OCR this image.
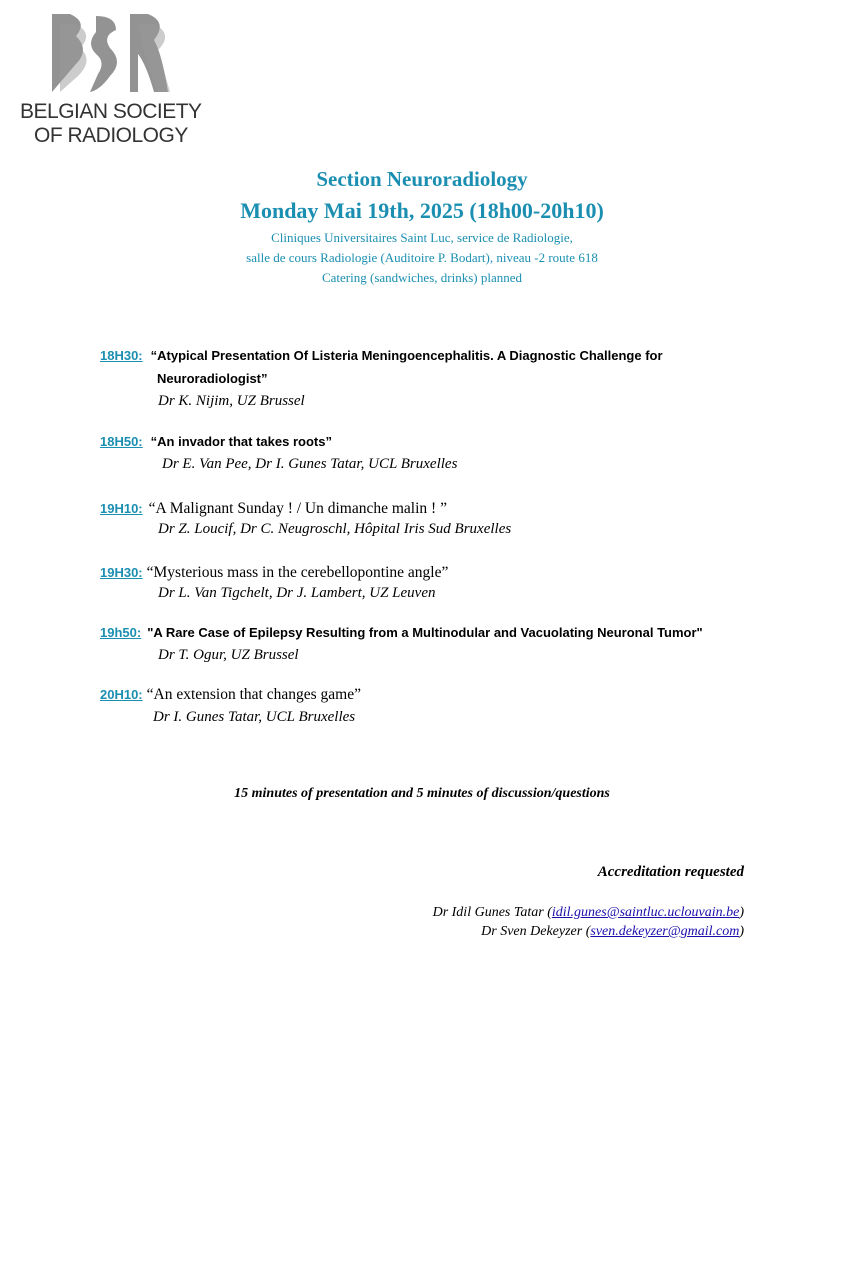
BELGIAN SOCIETY
OF RADIOLOGY
Section Neuroradiology
Monday Mai 19th, 2025 (18h00-20h10)
Cliniques Universitaires Saint Luc, service de Radiologie,
salle de cours Radiologie (Auditoire P. Bodart), niveau -2 route 618
Catering (sandwiches, drinks) planned
18H30: “Atypical Presentation Of Listeria Meningoencephalitis. A Diagnostic Challenge for
Neuroradiologist”
Dr K. Nijim, UZ Brussel
18H50: “An invador that takes roots”
Dr E. Van Pee, Dr I. Gunes Tatar, UCL Bruxelles
19H10: “A Malignant Sunday ! / Un dimanche malin ! ”
Dr Z. Loucif, Dr C. Neugroschl, Hôpital Iris Sud Bruxelles
19H30: “Mysterious mass in the cerebellopontine angle”
Dr L. Van Tigchelt, Dr J. Lambert, UZ Leuven
19h50: "A Rare Case of Epilepsy Resulting from a Multinodular and Vacuolating Neuronal Tumor"
Dr T. Ogur, UZ Brussel
20H10: “An extension that changes game”
Dr I. Gunes Tatar, UCL Bruxelles
15 minutes of presentation and 5 minutes of discussion/questions
Accreditation requested
Dr Idil Gunes Tatar (idil.gunes@saintluc.uclouvain.be)
Dr Sven Dekeyzer (sven.dekeyzer@gmail.com)
